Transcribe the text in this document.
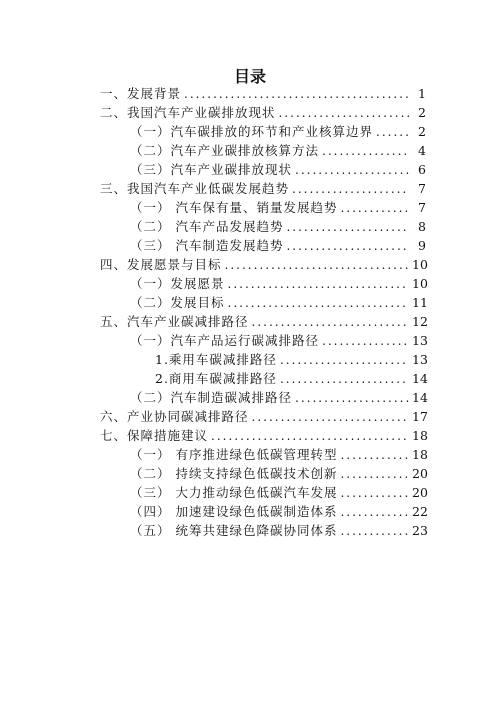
目录
一、发展背景 .....	1
二、我国汽车产业碳排放现状 .....	2
（一）汽车碳排放的环节和产业核算边界 .....	2
（二）汽车产业碳排放核算方法 .....	4
（三）汽车产业碳排放现状 .....	6
三、我国汽车产业低碳发展趋势 .....	7
（一） 汽车保有量、销量发展趋势 .....	7
（二） 汽车产品发展趋势 .....	8
（三） 汽车制造发展趋势 .....	9
四、发展愿景与目标 .....	10
（一）发展愿景 .....	10
（二）发展目标 .....	11
五、汽车产业碳减排路径 .....	12
（一）汽车产品运行碳减排路径 .....	13
1.乘用车碳减排路径 .....	13
2.商用车碳减排路径 .....	14
（二）汽车制造碳减排路径 .....	14
六、产业协同碳减排路径 .....	17
七、保障措施建议 .....	18
（一） 有序推进绿色低碳管理转型 .....	18
（二） 持续支持绿色低碳技术创新 .....	20
（三） 大力推动绿色低碳汽车发展 .....	20
（四） 加速建设绿色低碳制造体系 .....	22
（五） 统筹共建绿色降碳协同体系 .....	23
